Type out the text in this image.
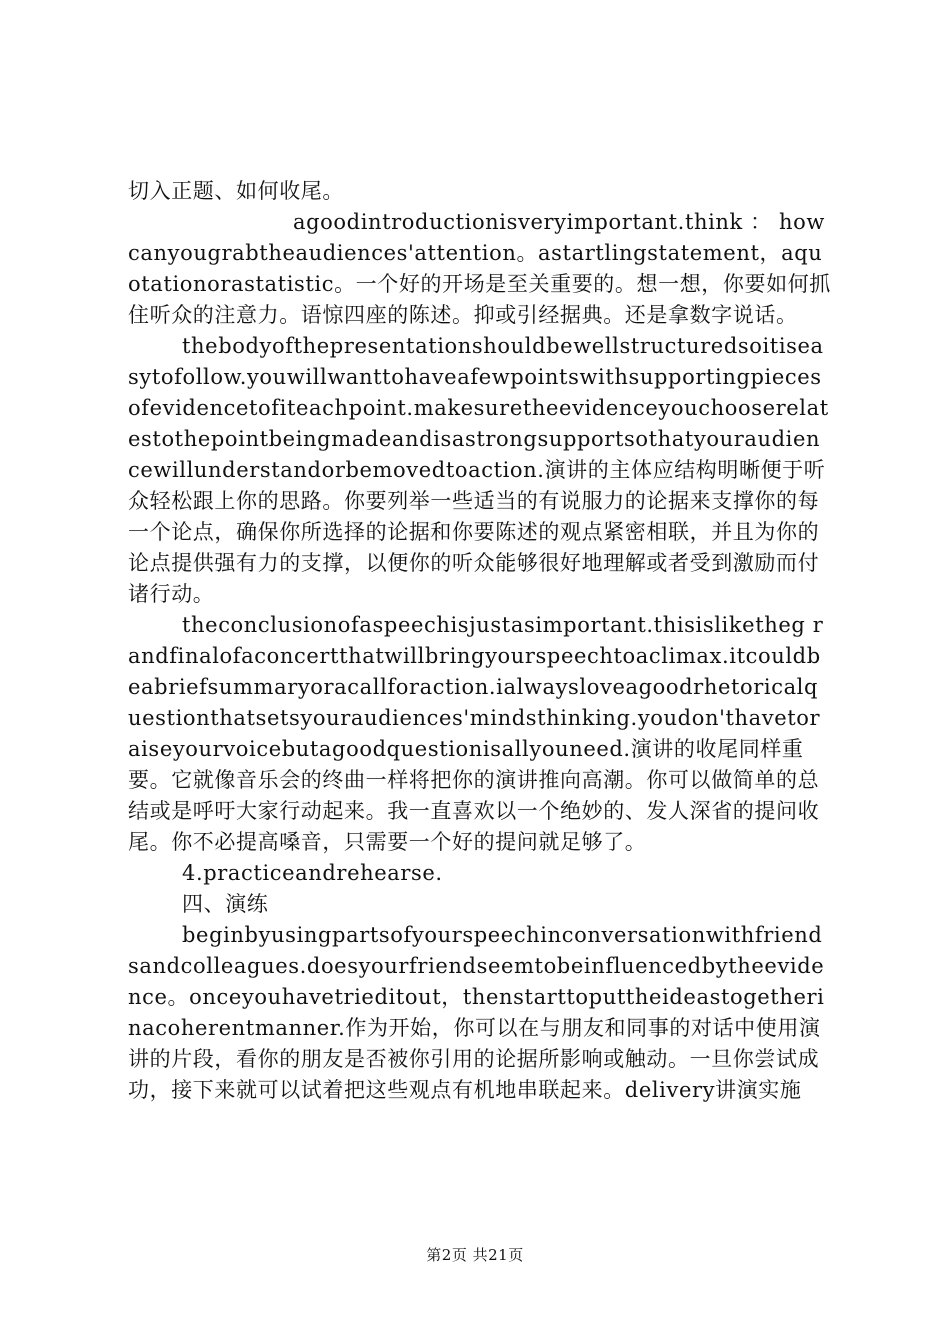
切入正题、如何收尾。

agoodintroductionisveryimportant.think ： howcanyougrabtheaudiences'attention。astartlingstatement，aquotationorastatistic。一个好的开场是至关重要的。想一想，你要如何抓住听众的注意力。语惊四座的陈述。抑或引经据典。还是拿数字说话。

thebodyofthepresentationshouldbewellstructuredsoitiseasytofollow.youwillwanttohaveafewpointswithsupportingpiecesofevidencetofiteachpoint.makesuretheevidenceyouchooserelatestothepointbeingmadeandisastrongsupportsothatyouraudiencewillunderstandorbemovedtoaction.演讲的主体应结构明晰便于听众轻松跟上你的思路。你要列举一些适当的有说服力的论据来支撑你的每一个论点，确保你所选择的论据和你要陈述的观点紧密相联，并且为你的论点提供强有力的支撑，以便你的听众能够很好地理解或者受到激励而付诸行动。

theconclusionofaspeechisjustasimportant.thisisliketheg randfinalofaconcertthatwillbringyourspeechtoaclimax.itcouldbeabriefsummaryoracallforaction.ialwaysloveagoodrhetoricalquestionthatsetsyouraudiences'mindsthinking.youdon'thavetoraiseyourvoicebutagoodquestionisallyouneed.演讲的收尾同样重要。它就像音乐会的终曲一样将把你的演讲推向高潮。你可以做简单的总结或是呼吁大家行动起来。我一直喜欢以一个绝妙的、发人深省的提问收尾。你不必提高嗓音，只需要一个好的提问就足够了。

4.practiceandrehearse.

四、演练

beginbyusingpartsofyourspeechinconversationwithfriendsandcolleagues.doesyourfriendseemtobeinfluencedbytheevidence。onceyouhavetrieditout，thenstarttoputtheideastogetherinacoherentmanner.作为开始，你可以在与朋友和同事的对话中使用演讲的片段，看你的朋友是否被你引用的论据所影响或触动。一旦你尝试成功，接下来就可以试着把这些观点有机地串联起来。delivery讲演实施

第2页 共21页
